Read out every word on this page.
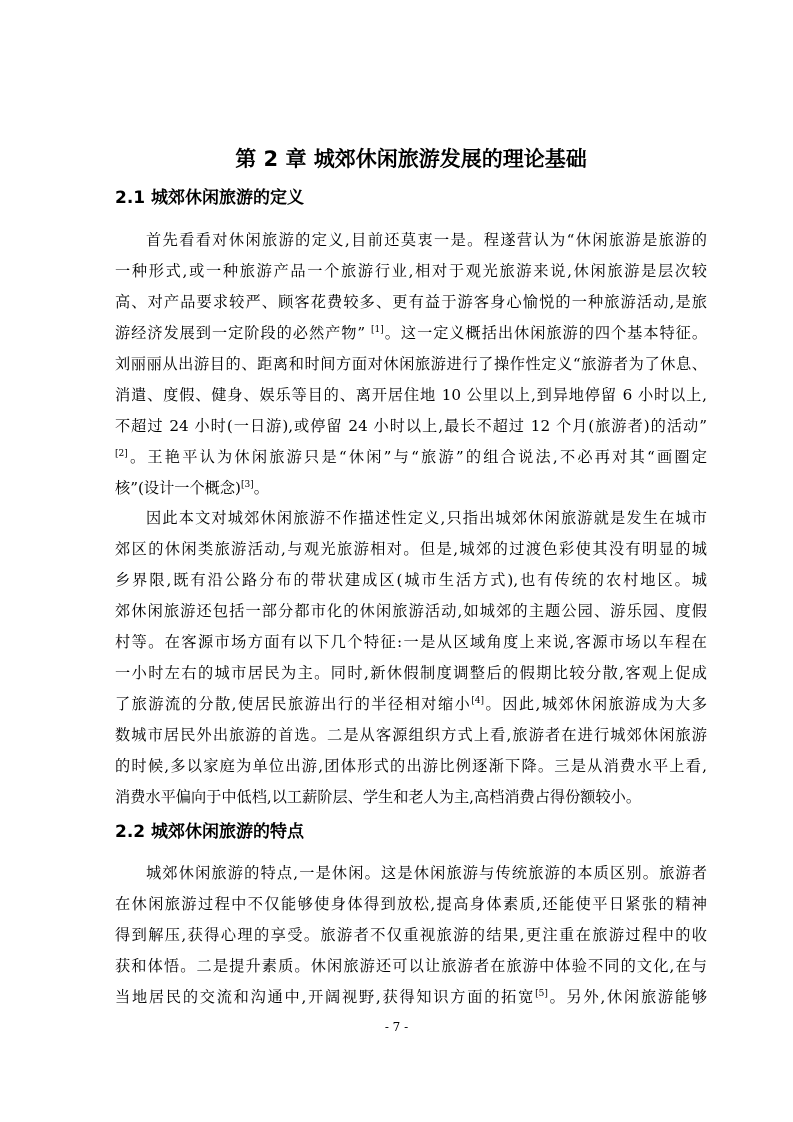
第 2 章 城郊休闲旅游发展的理论基础
2.1 城郊休闲旅游的定义
首先看看对休闲旅游的定义,目前还莫衷一是。程遂营认为“休闲旅游是旅游的
一种形式,或一种旅游产品一个旅游行业,相对于观光旅游来说,休闲旅游是层次较
高、对产品要求较严、顾客花费较多、更有益于游客身心愉悦的一种旅游活动,是旅
游经济发展到一定阶段的必然产物” [1]。这一定义概括出休闲旅游的四个基本特征。
刘丽丽从出游目的、距离和时间方面对休闲旅游进行了操作性定义“旅游者为了休息、
消遣、度假、健身、娱乐等目的、离开居住地 10 公里以上,到异地停留 6 小时以上,
不超过 24 小时(一日游),或停留 24 小时以上,最长不超过 12 个月(旅游者)的活动”
[2]。王艳平认为休闲旅游只是“休闲”与“旅游”的组合说法,不必再对其“画圈定
核”(设计一个概念)[3]。
因此本文对城郊休闲旅游不作描述性定义,只指出城郊休闲旅游就是发生在城市
郊区的休闲类旅游活动,与观光旅游相对。但是,城郊的过渡色彩使其没有明显的城
乡界限,既有沿公路分布的带状建成区(城市生活方式),也有传统的农村地区。城
郊休闲旅游还包括一部分都市化的休闲旅游活动,如城郊的主题公园、游乐园、度假
村等。在客源市场方面有以下几个特征:一是从区域角度上来说,客源市场以车程在
一小时左右的城市居民为主。同时,新休假制度调整后的假期比较分散,客观上促成
了旅游流的分散,使居民旅游出行的半径相对缩小[4]。因此,城郊休闲旅游成为大多
数城市居民外出旅游的首选。二是从客源组织方式上看,旅游者在进行城郊休闲旅游
的时候,多以家庭为单位出游,团体形式的出游比例逐渐下降。三是从消费水平上看,
消费水平偏向于中低档,以工薪阶层、学生和老人为主,高档消费占得份额较小。
2.2 城郊休闲旅游的特点
城郊休闲旅游的特点,一是休闲。这是休闲旅游与传统旅游的本质区别。旅游者
在休闲旅游过程中不仅能够使身体得到放松,提高身体素质,还能使平日紧张的精神
得到解压,获得心理的享受。旅游者不仅重视旅游的结果,更注重在旅游过程中的收
获和体悟。二是提升素质。休闲旅游还可以让旅游者在旅游中体验不同的文化,在与
当地居民的交流和沟通中,开阔视野,获得知识方面的拓宽[5]。另外,休闲旅游能够
- 7 -
